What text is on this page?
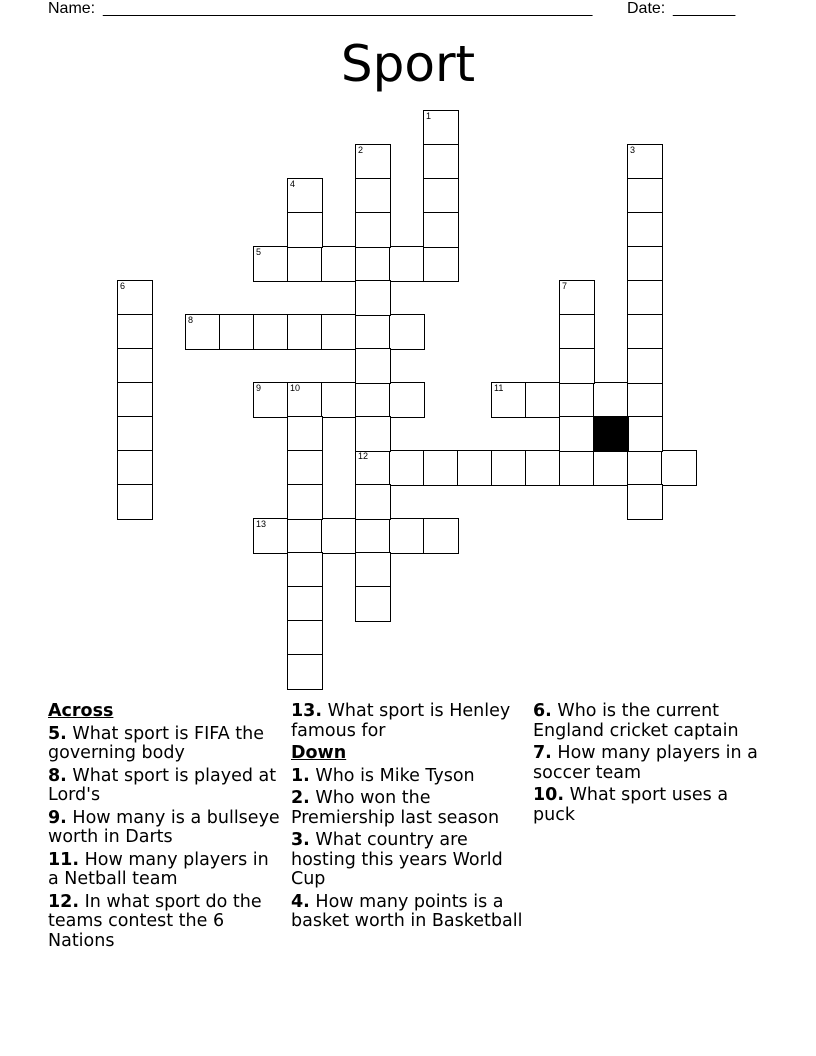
Name: _______________________________________________________ Date: _______
Sport
5
8
9	10	11
12
13
1
2	3
4
6	7
Across
5. What sport is FIFA the governing body
8. What sport is played at Lord's
9. How many is a bullseye worth in Darts
11. How many players in a Netball team
12. In what sport do the teams contest the 6 Nations
13. What sport is Henley famous for
Down
1. Who is Mike Tyson
2. Who won the Premiership last season
3. What country are hosting this years World Cup
4. How many points is a basket worth in Basketball
6. Who is the current England cricket captain
7. How many players in a soccer team
10. What sport uses a puck
